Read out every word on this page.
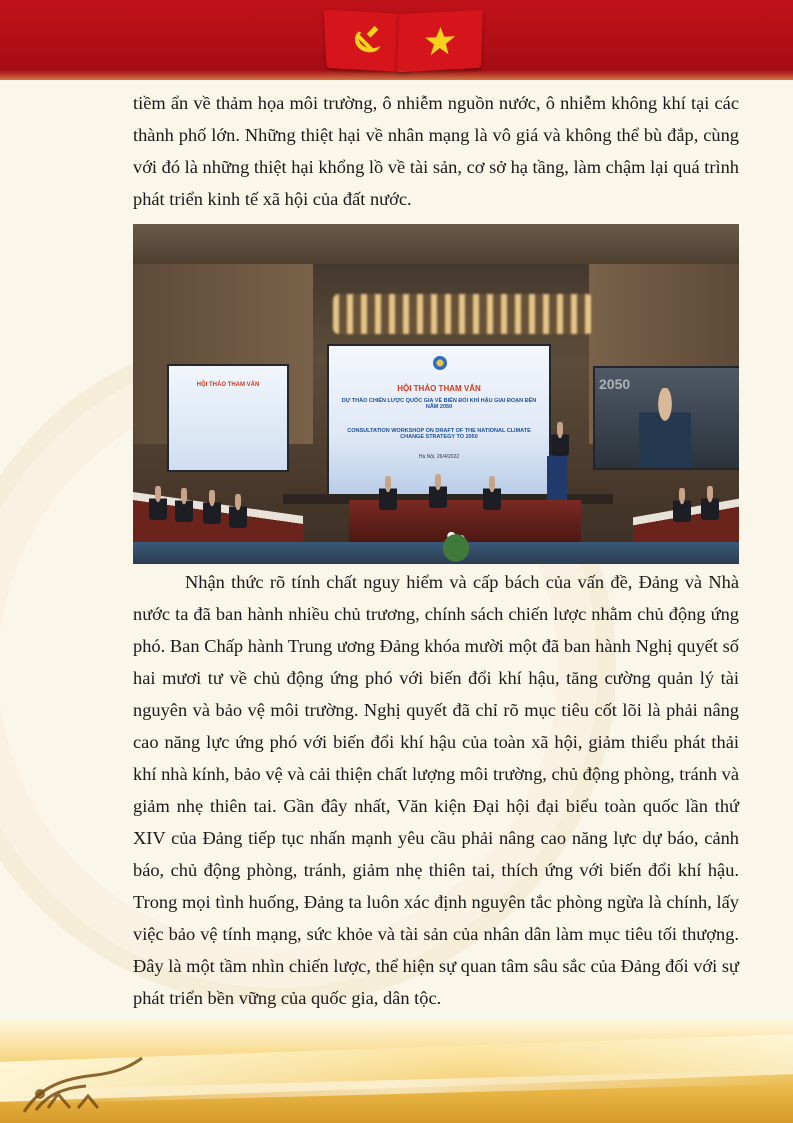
tiềm ẩn về thảm họa môi trường, ô nhiễm nguồn nước, ô nhiễm không khí tại các thành phố lớn. Những thiệt hại về nhân mạng là vô giá và không thể bù đắp, cùng với đó là những thiệt hại khổng lồ về tài sản, cơ sở hạ tầng, làm chậm lại quá trình phát triển kinh tế xã hội của đất nước.

HỘI THẢO THAM VẤN	HỘI THẢO THAM VẤN
DỰ THẢO CHIẾN LƯỢC QUỐC GIA VỀ BIẾN ĐỔI KHÍ HẬU GIAI ĐOẠN ĐẾN NĂM 2050
CONSULTATION WORKSHOP ON DRAFT OF THE NATIONAL CLIMATE CHANGE STRATEGY TO 2050
Hà Nội, 26/4/2022
2050

Nhận thức rõ tính chất nguy hiểm và cấp bách của vấn đề, Đảng và Nhà nước ta đã ban hành nhiều chủ trương, chính sách chiến lược nhằm chủ động ứng phó. Ban Chấp hành Trung ương Đảng khóa mười một đã ban hành Nghị quyết số hai mươi tư về chủ động ứng phó với biến đổi khí hậu, tăng cường quản lý tài nguyên và bảo vệ môi trường. Nghị quyết đã chỉ rõ mục tiêu cốt lõi là phải nâng cao năng lực ứng phó với biến đổi khí hậu của toàn xã hội, giảm thiểu phát thải khí nhà kính, bảo vệ và cải thiện chất lượng môi trường, chủ động phòng, tránh và giảm nhẹ thiên tai. Gần đây nhất, Văn kiện Đại hội đại biểu toàn quốc lần thứ XIV của Đảng tiếp tục nhấn mạnh yêu cầu phải nâng cao năng lực dự báo, cảnh báo, chủ động phòng, tránh, giảm nhẹ thiên tai, thích ứng với biến đổi khí hậu. Trong mọi tình huống, Đảng ta luôn xác định nguyên tắc phòng ngừa là chính, lấy việc bảo vệ tính mạng, sức khỏe và tài sản của nhân dân làm mục tiêu tối thượng. Đây là một tầm nhìn chiến lược, thể hiện sự quan tâm sâu sắc của Đảng đối với sự phát triển bền vững của quốc gia, dân tộc.
